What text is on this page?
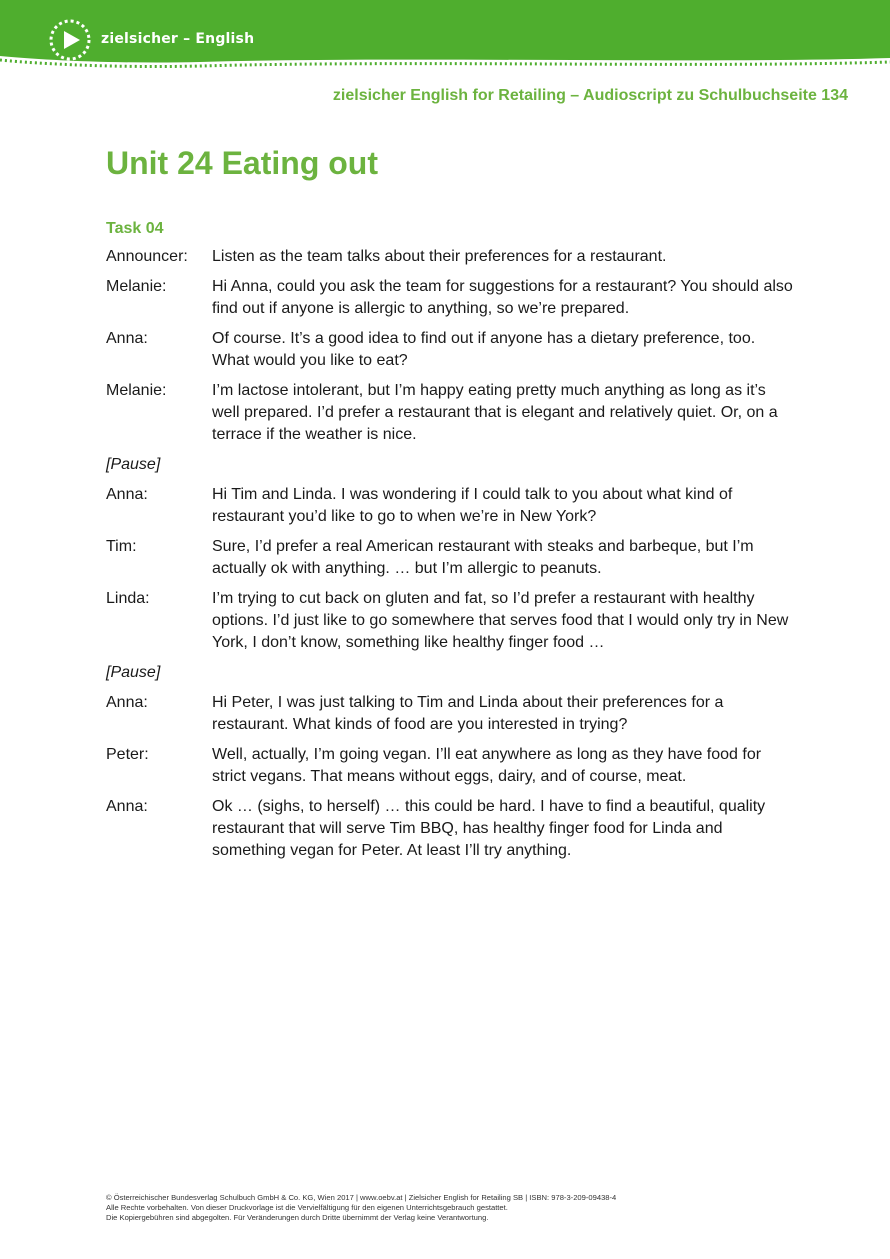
zielsicher – English
zielsicher English for Retailing – Audioscript zu Schulbuchseite 134
Unit 24 Eating out
Task 04
Announcer:	Listen as the team talks about their preferences for a restaurant.
Melanie:	Hi Anna, could you ask the team for suggestions for a restaurant? You should also find out if anyone is allergic to anything, so we’re prepared.
Anna:	Of course. It’s a good idea to find out if anyone has a dietary preference, too. What would you like to eat?
Melanie:	I’m lactose intolerant, but I’m happy eating pretty much anything as long as it’s well prepared. I’d prefer a restaurant that is elegant and relatively quiet. Or, on a terrace if the weather is nice.
[Pause]
Anna:	Hi Tim and Linda. I was wondering if I could talk to you about what kind of restaurant you’d like to go to when we’re in New York?
Tim:	Sure, I’d prefer a real American restaurant with steaks and barbeque, but I’m actually ok with anything. … but I’m allergic to peanuts.
Linda:	I’m trying to cut back on gluten and fat, so I’d prefer a restaurant with healthy options. I’d just like to go somewhere that serves food that I would only try in New York, I don’t know, something like healthy finger food …
[Pause]
Anna:	Hi Peter, I was just talking to Tim and Linda about their preferences for a restaurant. What kinds of food are you interested in trying?
Peter:	Well, actually, I’m going vegan. I’ll eat anywhere as long as they have food for strict vegans. That means without eggs, dairy, and of course, meat.
Anna:	Ok … (sighs, to herself) … this could be hard. I have to find a beautiful, quality restaurant that will serve Tim BBQ, has healthy finger food for Linda and something vegan for Peter. At least I’ll try anything.
© Österreichischer Bundesverlag Schulbuch GmbH & Co. KG, Wien 2017 | www.oebv.at | Zielsicher English for Retailing SB | ISBN: 978-3-209-09438-4
Alle Rechte vorbehalten. Von dieser Druckvorlage ist die Vervielfältigung für den eigenen Unterrichtsgebrauch gestattet.
Die Kopiergebühren sind abgegolten. Für Veränderungen durch Dritte übernimmt der Verlag keine Verantwortung.
